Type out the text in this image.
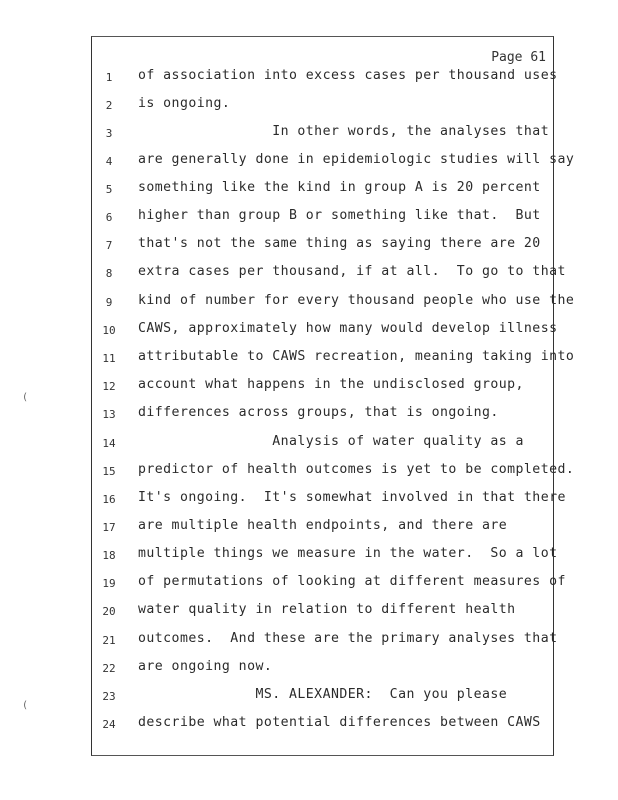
Page 61
1	of association into excess cases per thousand uses
2	is ongoing.
3	In other words, the analyses that
4	are generally done in epidemiologic studies will say
5	something like the kind in group A is 20 percent
6	higher than group B or something like that.  But
7	that's not the same thing as saying there are 20
8	extra cases per thousand, if at all.  To go to that
9	kind of number for every thousand people who use the
10	CAWS, approximately how many would develop illness
11	attributable to CAWS recreation, meaning taking into
12	account what happens in the undisclosed group,
13	differences across groups, that is ongoing.
14	Analysis of water quality as a
15	predictor of health outcomes is yet to be completed.
16	It's ongoing.  It's somewhat involved in that there
17	are multiple health endpoints, and there are
18	multiple things we measure in the water.  So a lot
19	of permutations of looking at different measures of
20	water quality in relation to different health
21	outcomes.  And these are the primary analyses that
22	are ongoing now.
23	MS. ALEXANDER:  Can you please
24	describe what potential differences between CAWS
(
(
